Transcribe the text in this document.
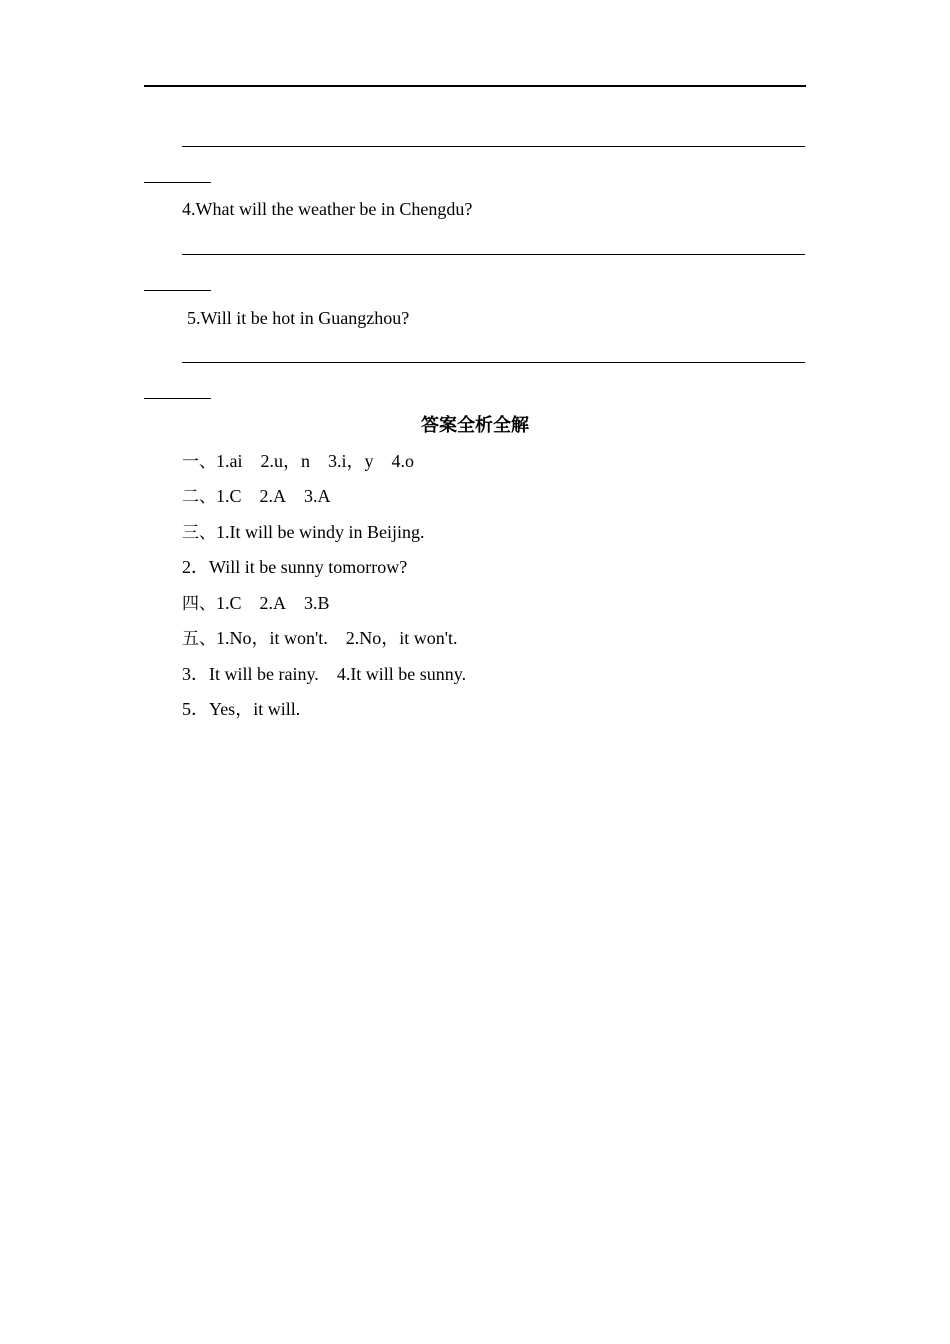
4.What will the weather be in Chengdu?
5.Will it be hot in Guangzhou?
答案全析全解
一、1.ai 2.u，n 3.i，y 4.o
二、1.C 2.A 3.A
三、1.It will be windy in Beijing.
2．Will it be sunny tomorrow?
四、1.C 2.A 3.B
五、1.No，it won't. 2.No，it won't.
3．It will be rainy. 4.It will be sunny.
5．Yes，it will.
